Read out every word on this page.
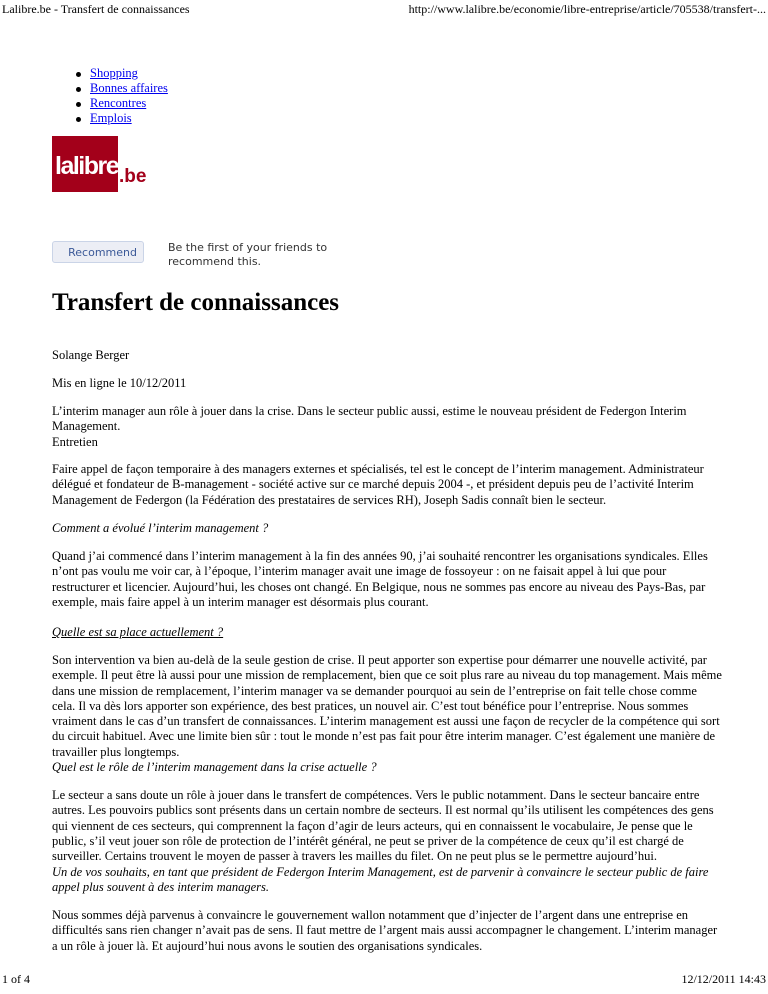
Lalibre.be - Transfert de connaissances	http://www.lalibre.be/economie/libre-entreprise/article/705538/transfert-...
Shopping
Bonnes affaires
Rencontres
Emplois
lalibre .be
Recommend	Be the first of your friends to recommend this.
Transfert de connaissances

Solange Berger

Mis en ligne le 10/12/2011

L’interim manager aun rôle à jouer dans la crise. Dans le secteur public aussi, estime le nouveau président de Federgon Interim Management.
Entretien

Faire appel de façon temporaire à des managers externes et spécialisés, tel est le concept de l’interim management. Administrateur délégué et fondateur de B-management - société active sur ce marché depuis 2004 -, et président depuis peu de l’activité Interim Management de Federgon (la Fédération des prestataires de services RH), Joseph Sadis connaît bien le secteur.

Comment a évolué l’interim management ?

Quand j’ai commencé dans l’interim management à la fin des années 90, j’ai souhaité rencontrer les organisations syndicales. Elles n’ont pas voulu me voir car, à l’époque, l’interim manager avait une image de fossoyeur : on ne faisait appel à lui que pour restructurer et licencier. Aujourd’hui, les choses ont changé. En Belgique, nous ne sommes pas encore au niveau des Pays-Bas, par exemple, mais faire appel à un interim manager est désormais plus courant.

Quelle est sa place actuellement ?

Son intervention va bien au-delà de la seule gestion de crise. Il peut apporter son expertise pour démarrer une nouvelle activité, par exemple. Il peut être là aussi pour une mission de remplacement, bien que ce soit plus rare au niveau du top management. Mais même dans une mission de remplacement, l’interim manager va se demander pourquoi au sein de l’entreprise on fait telle chose comme cela. Il va dès lors apporter son expérience, des best pratices, un nouvel air. C’est tout bénéfice pour l’entreprise. Nous sommes vraiment dans le cas d’un transfert de connaissances. L’interim management est aussi une façon de recycler de la compétence qui sort du circuit habituel. Avec une limite bien sûr : tout le monde n’est pas fait pour être interim manager. C’est également une manière de travailler plus longtemps.

Quel est le rôle de l’interim management dans la crise actuelle ?

Le secteur a sans doute un rôle à jouer dans le transfert de compétences. Vers le public notamment. Dans le secteur bancaire entre autres. Les pouvoirs publics sont présents dans un certain nombre de secteurs. Il est normal qu’ils utilisent les compétences des gens qui viennent de ces secteurs, qui comprennent la façon d’agir de leurs acteurs, qui en connaissent le vocabulaire, Je pense que le public, s’il veut jouer son rôle de protection de l’intérêt général, ne peut se priver de la compétence de ceux qu’il est chargé de surveiller. Certains trouvent le moyen de passer à travers les mailles du filet. On ne peut plus se le permettre aujourd’hui.

Un de vos souhaits, en tant que président de Federgon Interim Management, est de parvenir à convaincre le secteur public de faire appel plus souvent à des interim managers.

Nous sommes déjà parvenus à convaincre le gouvernement wallon notamment que d’injecter de l’argent dans une entreprise en difficultés sans rien changer n’avait pas de sens. Il faut mettre de l’argent mais aussi accompagner le changement. L’interim manager a un rôle à jouer là. Et aujourd’hui nous avons le soutien des organisations syndicales.

1 of 4	12/12/2011 14:43
